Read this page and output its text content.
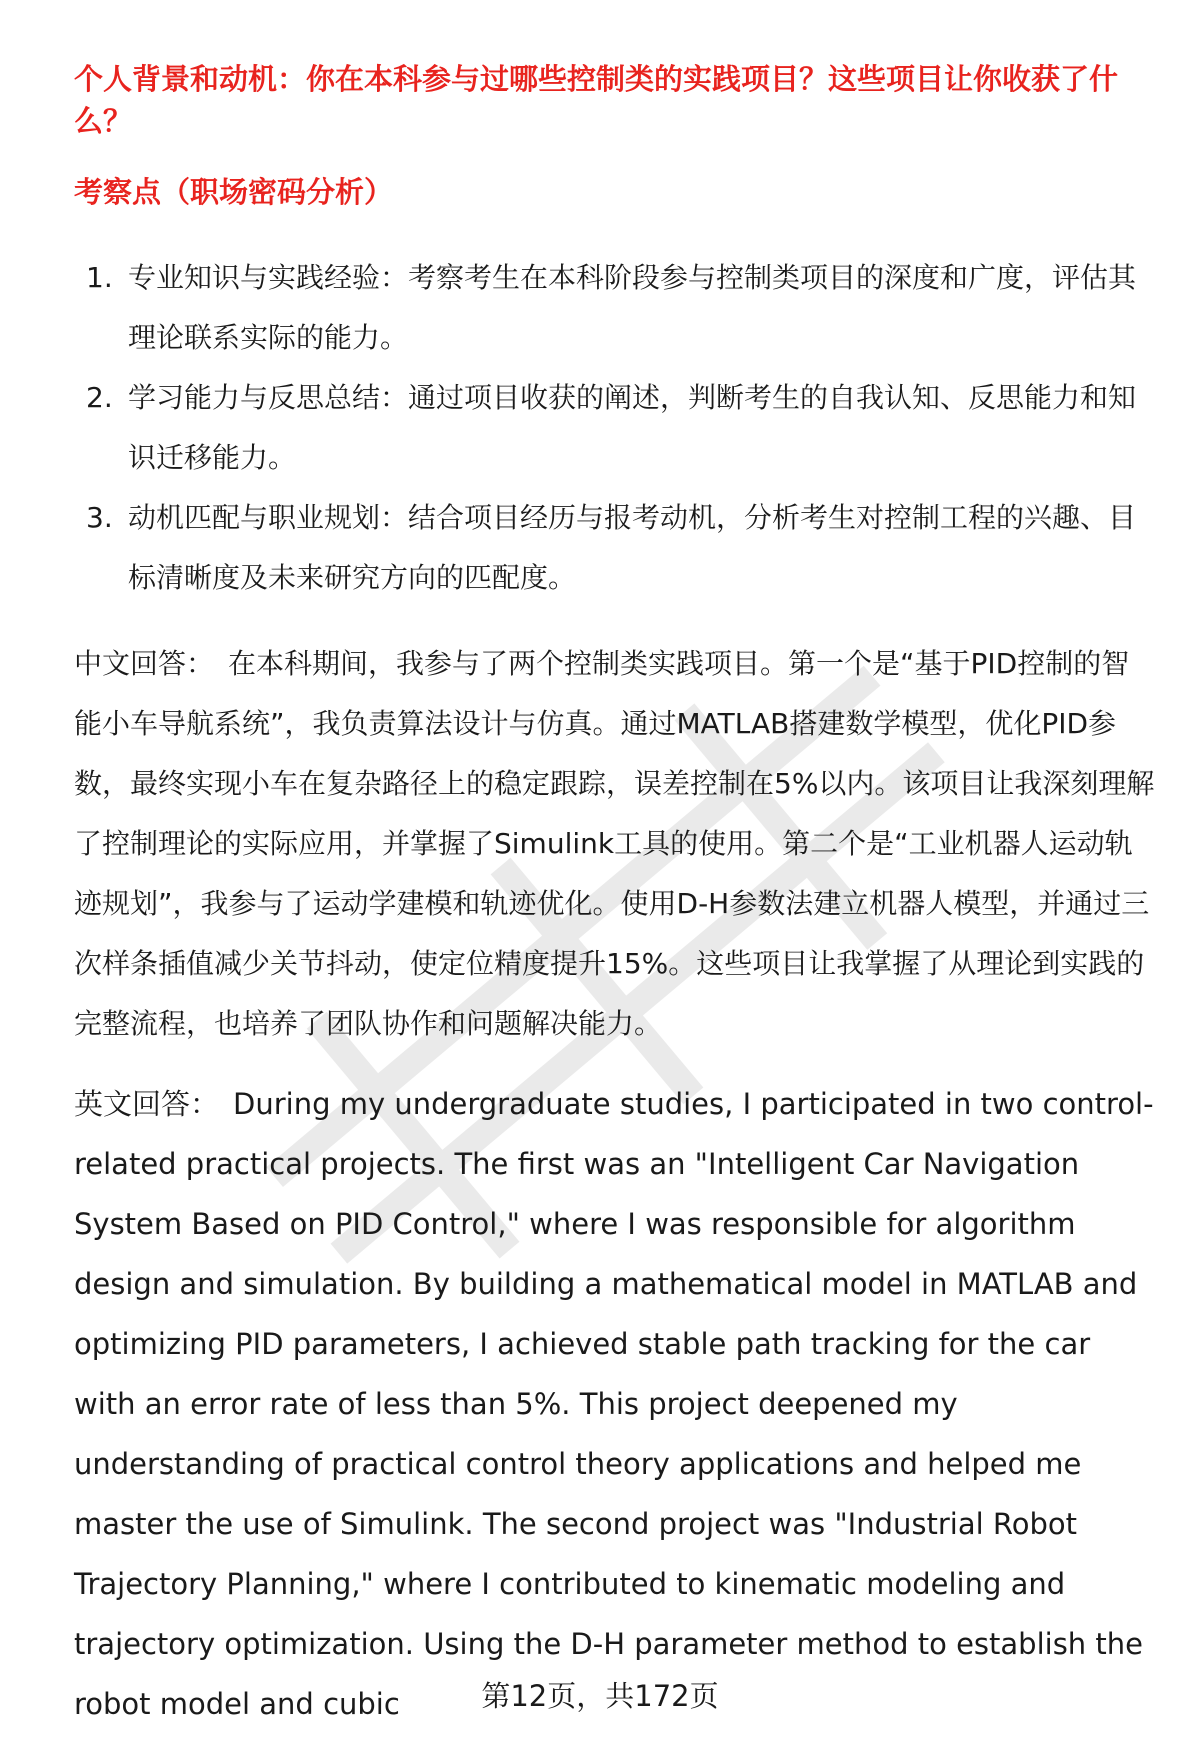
个人背景和动机：你在本科参与过哪些控制类的实践项目？这些项目让你收获了什么？
考察点（职场密码分析）
1. 专业知识与实践经验：考察考生在本科阶段参与控制类项目的深度和广度，评估其理论联系实际的能力。
2. 学习能力与反思总结：通过项目收获的阐述，判断考生的自我认知、反思能力和知识迁移能力。
3. 动机匹配与职业规划：结合项目经历与报考动机，分析考生对控制工程的兴趣、目标清晰度及未来研究方向的匹配度。

中文回答： 在本科期间，我参与了两个控制类实践项目。第一个是“基于PID控制的智能小车导航系统”，我负责算法设计与仿真。通过MATLAB搭建数学模型，优化PID参数，最终实现小车在复杂路径上的稳定跟踪，误差控制在5%以内。该项目让我深刻理解了控制理论的实际应用，并掌握了Simulink工具的使用。第二个是“工业机器人运动轨迹规划”，我参与了运动学建模和轨迹优化。使用D-H参数法建立机器人模型，并通过三次样条插值减少关节抖动，使定位精度提升15%。这些项目让我掌握了从理论到实践的完整流程，也培养了团队协作和问题解决能力。

英文回答： During my undergraduate studies, I participated in two control-related practical projects. The first was an "Intelligent Car Navigation System Based on PID Control," where I was responsible for algorithm design and simulation. By building a mathematical model in MATLAB and optimizing PID parameters, I achieved stable path tracking for the car with an error rate of less than 5%. This project deepened my understanding of practical control theory applications and helped me master the use of Simulink. The second project was "Industrial Robot Trajectory Planning," where I contributed to kinematic modeling and trajectory optimization. Using the D-H parameter method to establish the robot model and cubic	第12页，共172页
